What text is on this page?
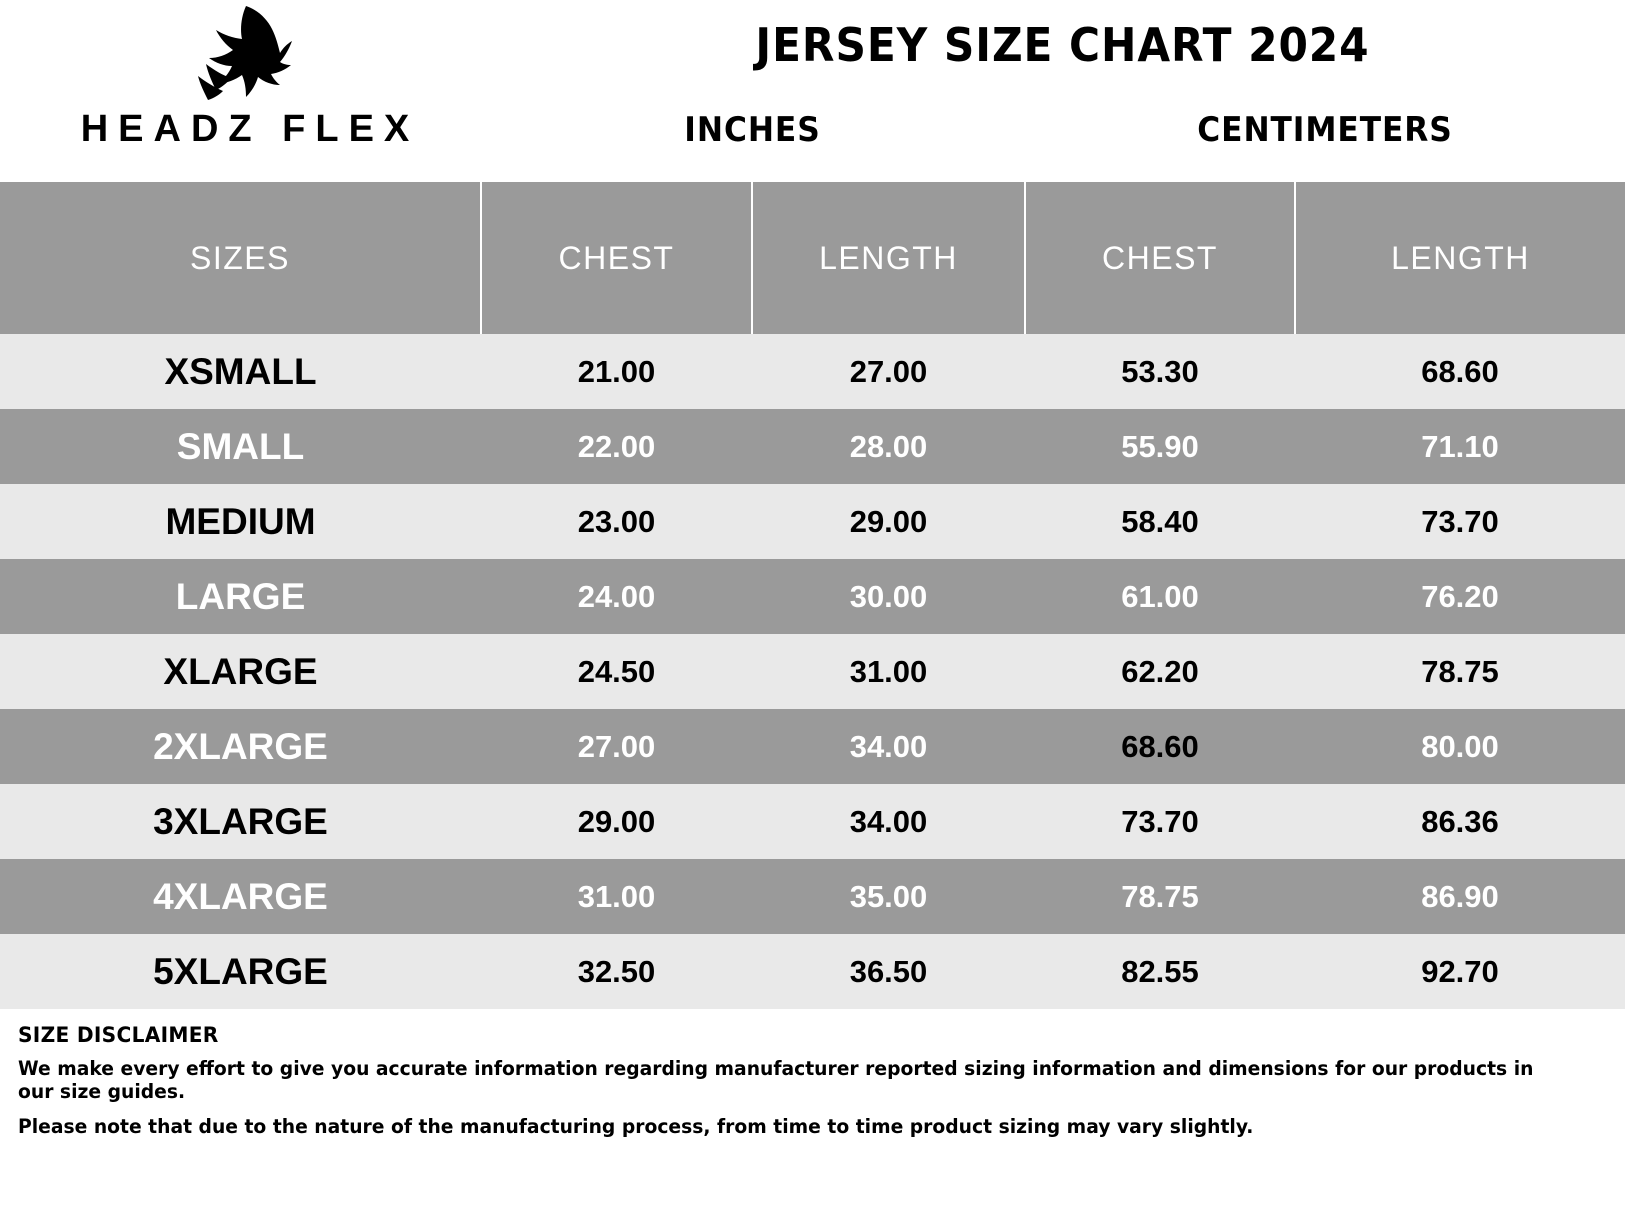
HEADZ FLEX
JERSEY SIZE CHART 2024
INCHES	CENTIMETERS
SIZES	CHEST	LENGTH	CHEST	LENGTH
XSMALL	21.00	27.00	53.30	68.60
SMALL	22.00	28.00	55.90	71.10
MEDIUM	23.00	29.00	58.40	73.70
LARGE	24.00	30.00	61.00	76.20
XLARGE	24.50	31.00	62.20	78.75
2XLARGE	27.00	34.00	68.60	80.00
3XLARGE	29.00	34.00	73.70	86.36
4XLARGE	31.00	35.00	78.75	86.90
5XLARGE	32.50	36.50	82.55	92.70
SIZE DISCLAIMER
We make every effort to give you accurate information regarding manufacturer reported sizing information and dimensions for our products in our size guides.
Please note that due to the nature of the manufacturing process, from time to time product sizing may vary slightly.
